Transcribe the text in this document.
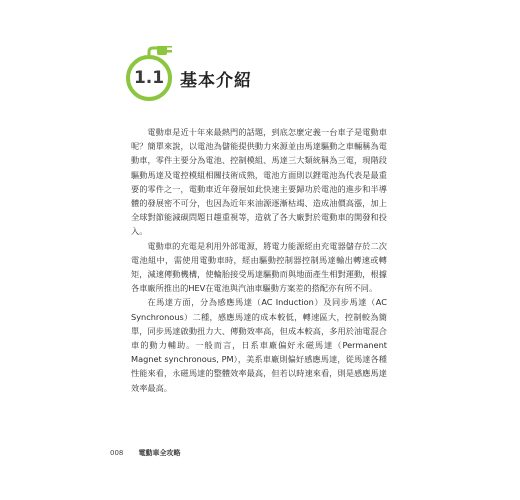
1.1 基本介紹

電動車是近十年來最熱門的話題，到底怎麼定義一台車子是電動車呢？簡單來說，以電池為儲能提供動力來源並由馬達驅動之車輛稱為電動車，零件主要分為電池、控制模組、馬達三大類統稱為三電，現階段驅動馬達及電控模組相關技術成熟，電池方面則以鋰電池為代表是最重要的零件之一，電動車近年發展如此快速主要歸功於電池的進步和半導體的發展密不可分，也因為近年來油源逐漸枯竭、造成油價高漲，加上全球對節能減碳問題日趨重視等，造就了各大廠對於電動車的開發和投入。

電動車的充電是利用外部電源，將電力能源經由充電器儲存於二次電池組中，需使用電動車時，經由驅動控制器控制馬達輸出轉速或轉矩，減速傳動機構，使輪胎接受馬達驅動而與地面產生相對運動，根據各車廠所推出的HEV在電池與汽油車驅動方案差的搭配亦有所不同。

在馬達方面，分為感應馬達（AC Induction）及同步馬達（AC Synchronous）二種，感應馬達的成本較低，轉速區大，控制較為簡單，同步馬達啟動扭力大、傳動效率高，但成本較高，多用於油電混合車的動力輔助。一般而言，日系車廠偏好永磁馬達（Permanent Magnet synchronous, PM），美系車廠則偏好感應馬達，從馬達各種性能來看，永磁馬達的整體效率最高，但若以時速來看，則是感應馬達效率最高。

008 電動車全攻略
